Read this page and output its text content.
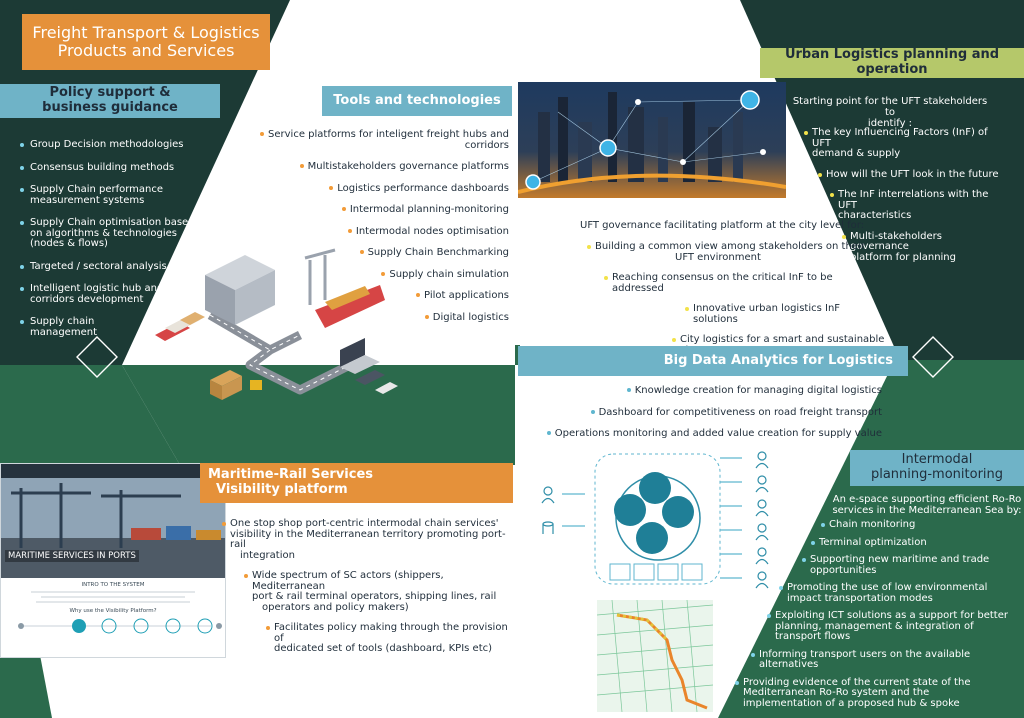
Freight Transport & Logistics
Products and Services
Policy support &
business guidance
Group Decision methodologies
Consensus building methods
Supply Chain performance
measurement systems
Supply Chain optimisation based
on algorithms & technologies
(nodes & flows)
Targeted / sectoral analysis
Intelligent logistic hub and
corridors development
Supply chain
management
Tools and technologies
Service platforms for inteligent freight hubs and corridors
Multistakeholders governance platforms
Logistics performance dashboards
Intermodal planning-monitoring
Intermodal nodes optimisation
Supply Chain Benchmarking
Supply chain simulation
Pilot applications
Digital logistics
Urban Logistics planning and operation
Starting point for the UFT stakeholders to
identify :
The key Influencing Factors (InF) of UFT
demand & supply
How will the UFT look in the future
The InF interrelations with the UFT
characteristics
Multi-stakeholders governance
platform for planning
UFT governance facilitating platform at the city level for:
Building a common view among stakeholders on their
UFT environment
Reaching consensus on the critical InF to be addressed
Innovative urban logistics InF solutions
City logistics for a smart and sustainable
Big Data Analytics for Logistics
Knowledge creation for managing digital logistics
Dashboard for competitiveness on road freight transport
Operations monitoring and added value creation for supply value
MARITIME SERVICES IN PORTS
INTRO TO THE SYSTEM
Why use the Visibility Platform?
Maritime-Rail Services
Visibility platform
One stop shop port-centric intermodal chain services'
visibility in the Mediterranean territory promoting port-rail
integration
Wide spectrum of SC actors (shippers, Mediterranean
port & rail terminal operators, shipping lines, rail
operators and policy makers)
Facilitates policy making through the provision of
dedicated set of tools (dashboard, KPIs etc)
Intermodal
planning-monitoring
An e-space supporting efficient Ro-Ro
services in the Mediterranean Sea by:
Chain monitoring
Terminal optimization
Supporting new maritime and trade
opportunities
Promoting the use of low environmental
impact transportation modes
Exploiting ICT solutions as a support for better
planning, management & integration of
transport flows
Informing transport users on the available alternatives
Providing evidence of the current state of the
Mediterranean Ro-Ro system and the
implementation of a proposed hub & spoke
